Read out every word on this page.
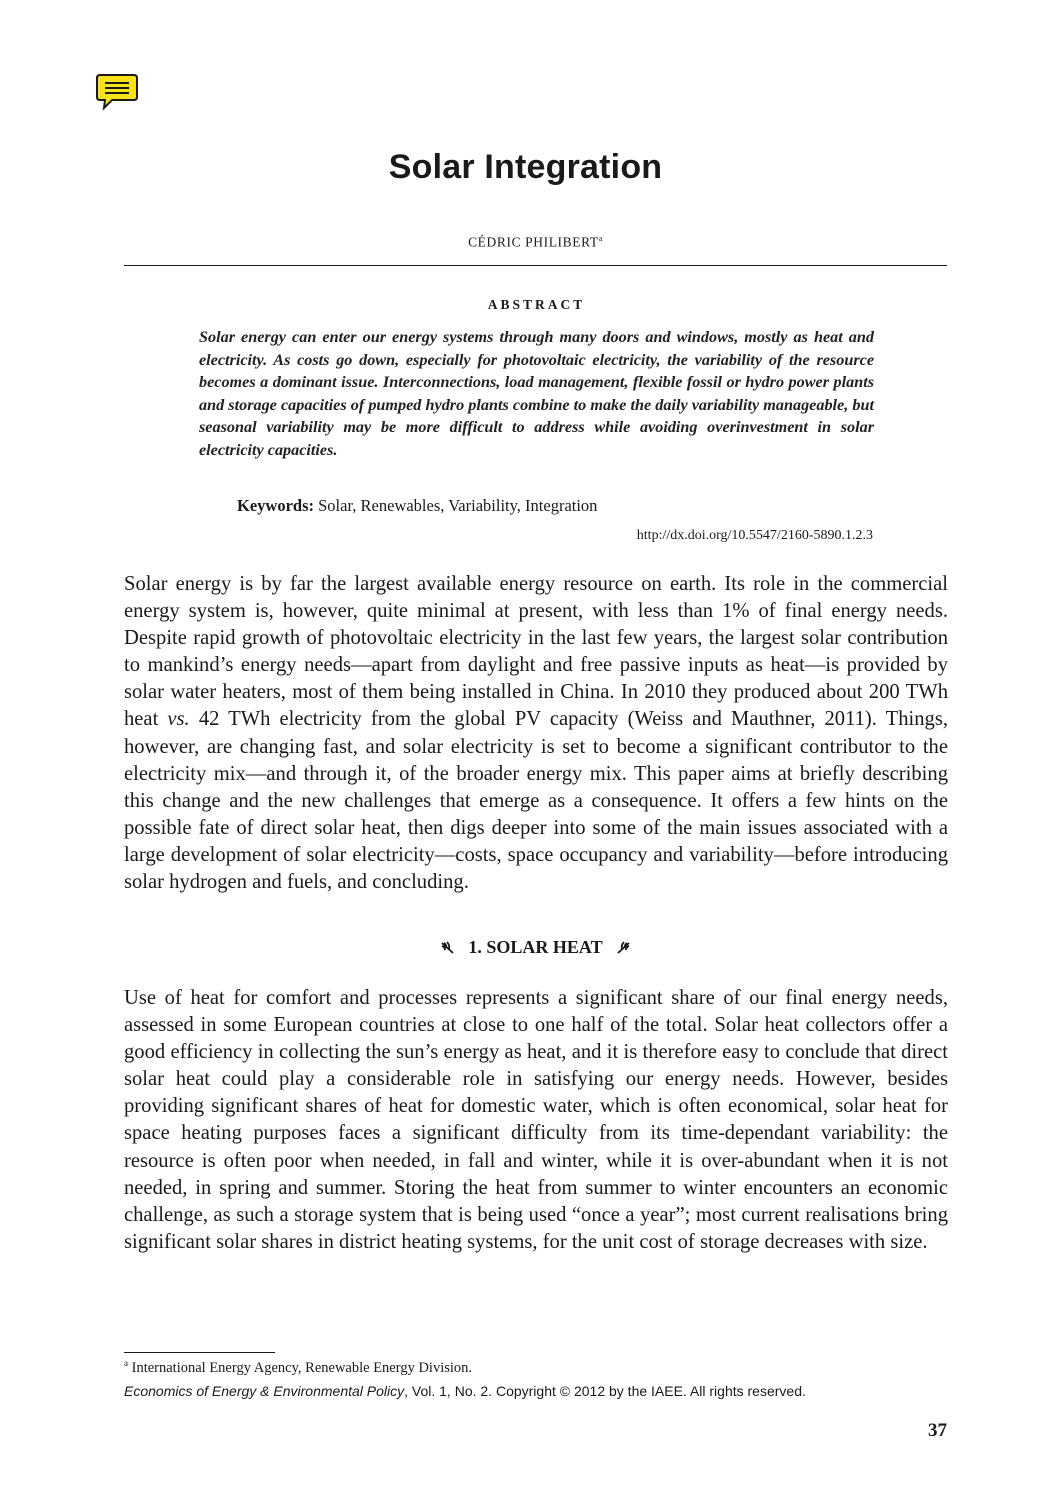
Solar Integration
CÉDRIC PHILIBERT$^a$
ABSTRACT
Solar energy can enter our energy systems through many doors and windows, mostly as heat and electricity. As costs go down, especially for photovoltaic electricity, the variability of the resource becomes a dominant issue. Interconnections, load management, flexible fossil or hydro power plants and storage capacities of pumped hydro plants combine to make the daily variability manageable, but seasonal variability may be more difficult to address while avoiding overinvestment in solar electricity capacities.
Keywords: Solar, Renewables, Variability, Integration
http://dx.doi.org/10.5547/2160-5890.1.2.3
Solar energy is by far the largest available energy resource on earth. Its role in the commercial energy system is, however, quite minimal at present, with less than 1% of final energy needs. Despite rapid growth of photovoltaic electricity in the last few years, the largest solar contribution to mankind’s energy needs—apart from daylight and free passive inputs as heat—is provided by solar water heaters, most of them being installed in China. In 2010 they produced about 200 TWh heat vs. 42 TWh electricity from the global PV capacity (Weiss and Mauthner, 2011). Things, however, are changing fast, and solar electricity is set to become a significant contributor to the electricity mix—and through it, of the broader energy mix. This paper aims at briefly describing this change and the new challenges that emerge as a consequence. It offers a few hints on the possible fate of direct solar heat, then digs deeper into some of the main issues associated with a large development of solar electricity—costs, space occupancy and variability—before introducing solar hydrogen and fuels, and concluding.
1. SOLAR HEAT
Use of heat for comfort and processes represents a significant share of our final energy needs, assessed in some European countries at close to one half of the total. Solar heat collectors offer a good efficiency in collecting the sun’s energy as heat, and it is therefore easy to conclude that direct solar heat could play a considerable role in satisfying our energy needs. However, besides providing significant shares of heat for domestic water, which is often economical, solar heat for space heating purposes faces a significant difficulty from its time-dependant variability: the resource is often poor when needed, in fall and winter, while it is over-abundant when it is not needed, in spring and summer. Storing the heat from summer to winter encounters an economic challenge, as such a storage system that is being used “once a year”; most current realisations bring significant solar shares in district heating systems, for the unit cost of storage decreases with size.
$^a$ International Energy Agency, Renewable Energy Division.
Economics of Energy & Environmental Policy, Vol. 1, No. 2. Copyright © 2012 by the IAEE. All rights reserved.
37
